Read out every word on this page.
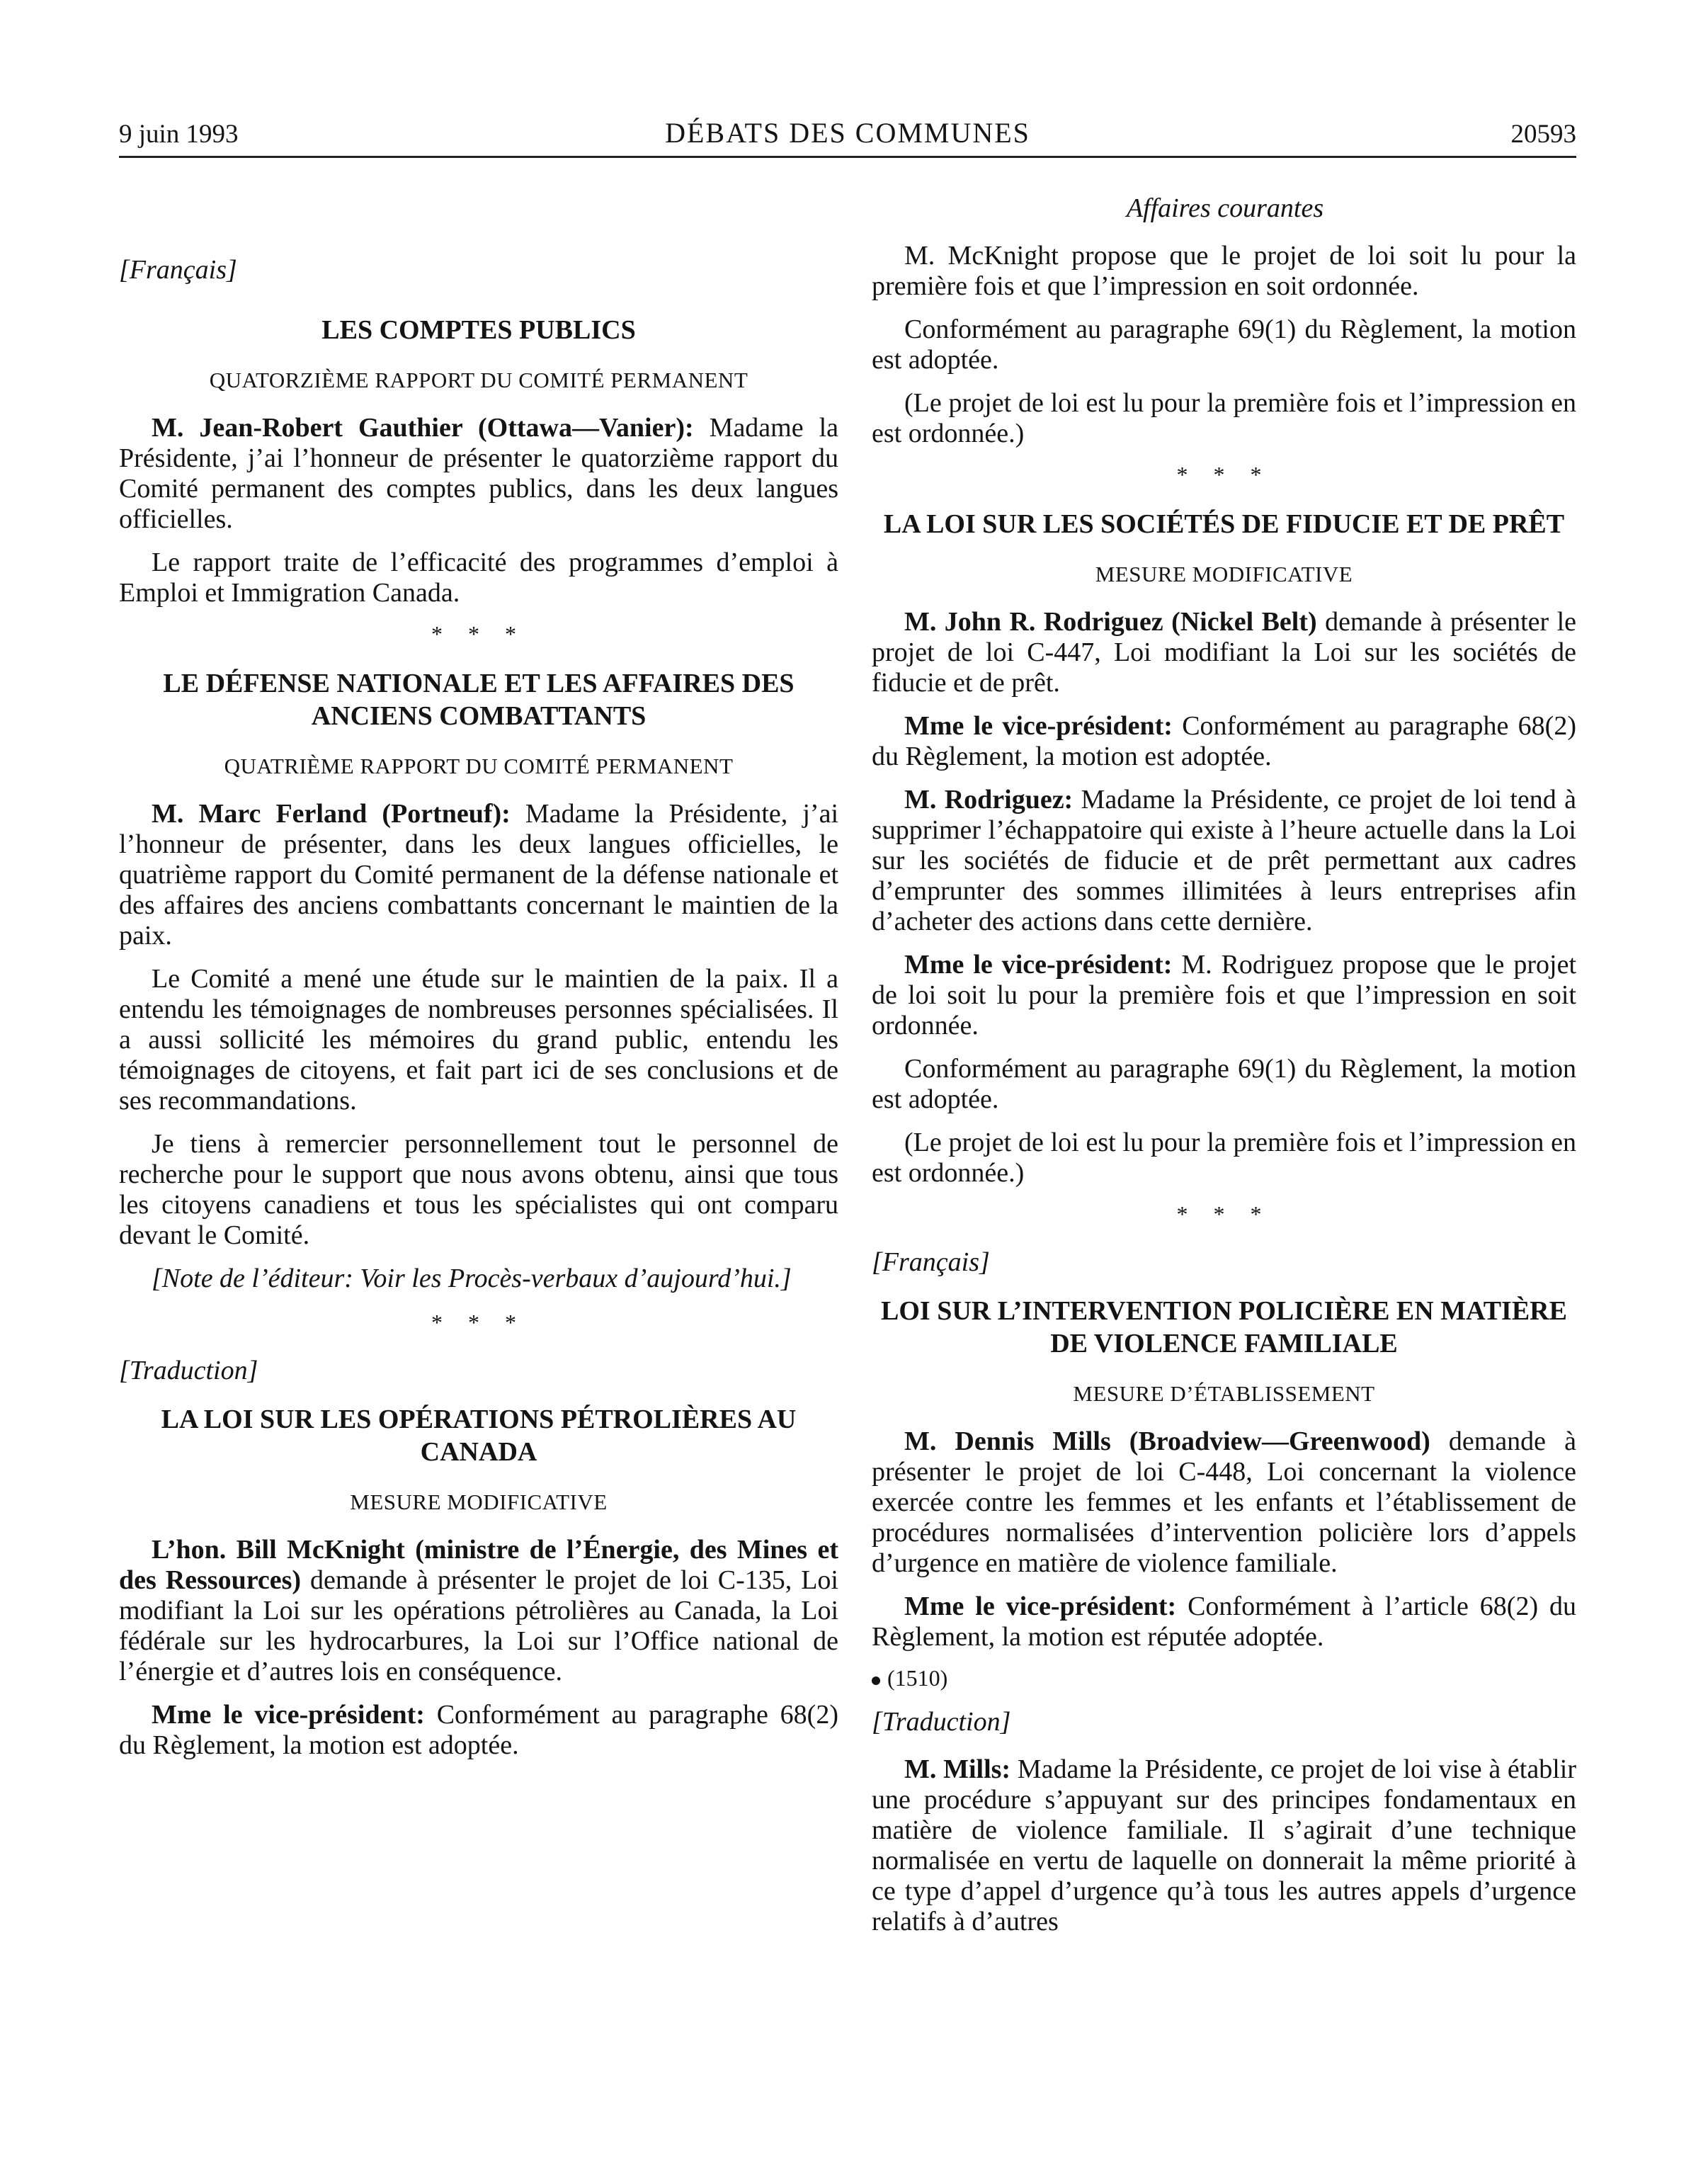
9 juin 1993	DÉBATS DES COMMUNES	20593
Affaires courantes
[Français]
LES COMPTES PUBLICS
QUATORZIÈME RAPPORT DU COMITÉ PERMANENT

M. Jean-Robert Gauthier (Ottawa—Vanier): Madame la Présidente, j’ai l’honneur de présenter le quatorzième rapport du Comité permanent des comptes publics, dans les deux langues officielles.

Le rapport traite de l’efficacité des programmes d’emploi à Emploi et Immigration Canada.

* * *
LE DÉFENSE NATIONALE ET LES AFFAIRES DES ANCIENS COMBATTANTS
QUATRIÈME RAPPORT DU COMITÉ PERMANENT

M. Marc Ferland (Portneuf): Madame la Présidente, j’ai l’honneur de présenter, dans les deux langues officielles, le quatrième rapport du Comité permanent de la défense nationale et des affaires des anciens combattants concernant le maintien de la paix.

Le Comité a mené une étude sur le maintien de la paix. Il a entendu les témoignages de nombreuses personnes spécialisées. Il a aussi sollicité les mémoires du grand public, entendu les témoignages de citoyens, et fait part ici de ses conclusions et de ses recommandations.

Je tiens à remercier personnellement tout le personnel de recherche pour le support que nous avons obtenu, ainsi que tous les citoyens canadiens et tous les spécialistes qui ont comparu devant le Comité.

[Note de l’éditeur: Voir les Procès-verbaux d’aujourd’hui.]
* * *
[Traduction]
LA LOI SUR LES OPÉRATIONS PÉTROLIÈRES AU CANADA
MESURE MODIFICATIVE

L’hon. Bill McKnight (ministre de l’Énergie, des Mines et des Ressources) demande à présenter le projet de loi C-135, Loi modifiant la Loi sur les opérations pétrolières au Canada, la Loi fédérale sur les hydrocarbures, la Loi sur l’Office national de l’énergie et d’autres lois en conséquence.

Mme le vice-président: Conformément au paragraphe 68(2) du Règlement, la motion est adoptée.

M. McKnight propose que le projet de loi soit lu pour la première fois et que l’impression en soit ordonnée.

Conformément au paragraphe 69(1) du Règlement, la motion est adoptée.

(Le projet de loi est lu pour la première fois et l’impression en est ordonnée.)

* * *
LA LOI SUR LES SOCIÉTÉS DE FIDUCIE ET DE PRÊT
MESURE MODIFICATIVE

M. John R. Rodriguez (Nickel Belt) demande à présenter le projet de loi C-447, Loi modifiant la Loi sur les sociétés de fiducie et de prêt.

Mme le vice-président: Conformément au paragraphe 68(2) du Règlement, la motion est adoptée.

M. Rodriguez: Madame la Présidente, ce projet de loi tend à supprimer l’échappatoire qui existe à l’heure actuelle dans la Loi sur les sociétés de fiducie et de prêt permettant aux cadres d’emprunter des sommes illimitées à leurs entreprises afin d’acheter des actions dans cette dernière.

Mme le vice-président: M. Rodriguez propose que le projet de loi soit lu pour la première fois et que l’impression en soit ordonnée.

Conformément au paragraphe 69(1) du Règlement, la motion est adoptée.

(Le projet de loi est lu pour la première fois et l’impression en est ordonnée.)

* * *
[Français]
LOI SUR L’INTERVENTION POLICIÈRE EN MATIÈRE DE VIOLENCE FAMILIALE
MESURE D’ÉTABLISSEMENT

M. Dennis Mills (Broadview—Greenwood) demande à présenter le projet de loi C-448, Loi concernant la violence exercée contre les femmes et les enfants et l’établissement de procédures normalisées d’intervention policière lors d’appels d’urgence en matière de violence familiale.

Mme le vice-président: Conformément à l’article 68(2) du Règlement, la motion est réputée adoptée.

(1510)
[Traduction]

M. Mills: Madame la Présidente, ce projet de loi vise à établir une procédure s’appuyant sur des principes fondamentaux en matière de violence familiale. Il s’agirait d’une technique normalisée en vertu de laquelle on donnerait la même priorité à ce type d’appel d’urgence qu’à tous les autres appels d’urgence relatifs à d’autres
